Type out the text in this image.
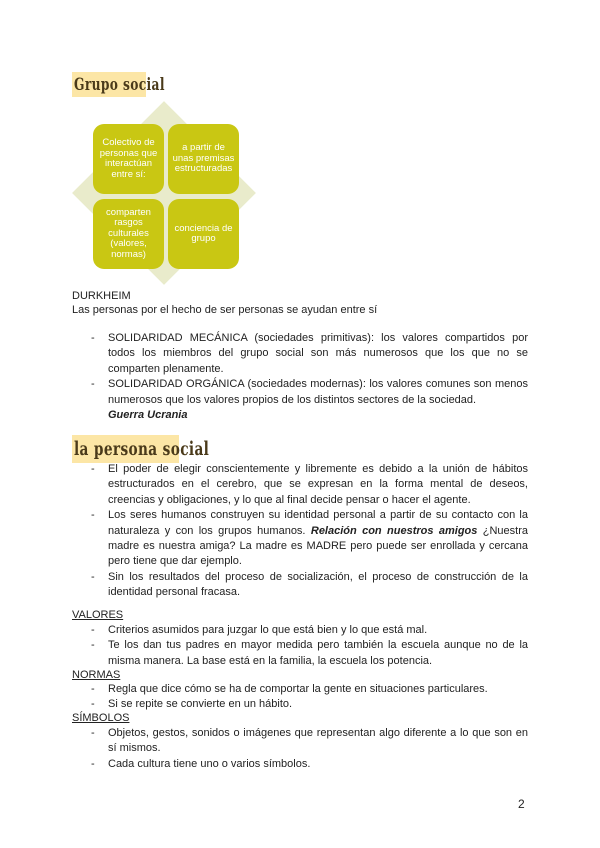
Grupo social
Colectivo de personas que interactúan entre sí:
a partir de unas premisas estructuradas
comparten rasgos culturales (valores, normas)
conciencia de grupo
DURKHEIM
Las personas por el hecho de ser personas se ayudan entre sí
- SOLIDARIDAD MECÁNICA (sociedades primitivas): los valores compartidos por todos los miembros del grupo social son más numerosos que los que no se comparten plenamente.
- SOLIDARIDAD ORGÁNICA (sociedades modernas): los valores comunes son menos numerosos que los valores propios de los distintos sectores de la sociedad.
Guerra Ucrania
la persona social
- El poder de elegir conscientemente y libremente es debido a la unión de hábitos estructurados en el cerebro, que se expresan en la forma mental de deseos, creencias y obligaciones, y lo que al final decide pensar o hacer el agente.
- Los seres humanos construyen su identidad personal a partir de su contacto con la naturaleza y con los grupos humanos. Relación con nuestros amigos ¿Nuestra madre es nuestra amiga? La madre es MADRE pero puede ser enrollada y cercana pero tiene que dar ejemplo.
- Sin los resultados del proceso de socialización, el proceso de construcción de la identidad personal fracasa.
VALORES
- Criterios asumidos para juzgar lo que está bien y lo que está mal.
- Te los dan tus padres en mayor medida pero también la escuela aunque no de la misma manera. La base está en la familia, la escuela los potencia.
NORMAS
- Regla que dice cómo se ha de comportar la gente en situaciones particulares.
- Si se repite se convierte en un hábito.
SÍMBOLOS
- Objetos, gestos, sonidos o imágenes que representan algo diferente a lo que son en sí mismos.
- Cada cultura tiene uno o varios símbolos.
2
